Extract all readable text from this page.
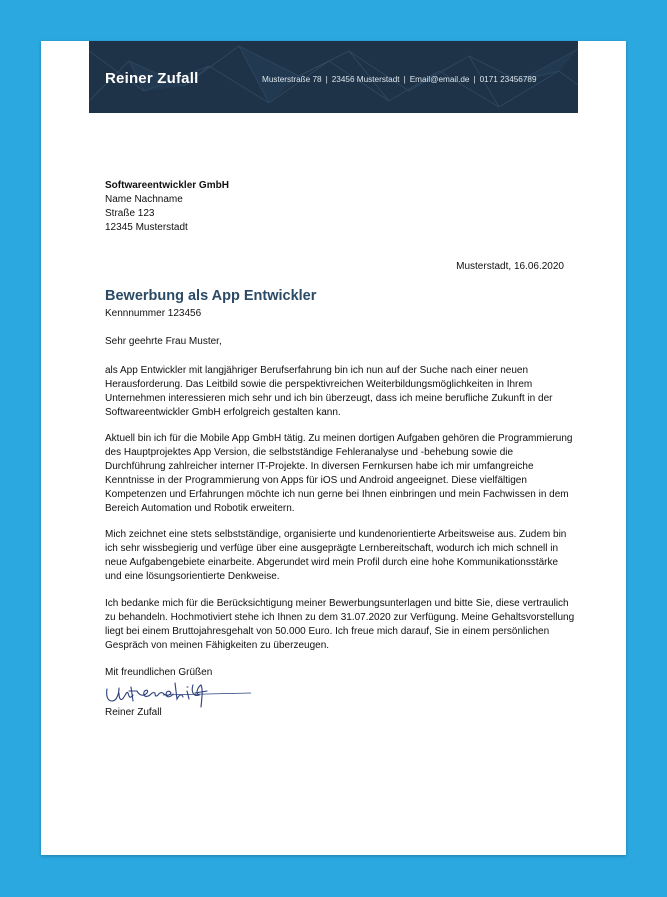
Reiner Zufall	Musterstraße 78 | 23456 Musterstadt | Email@email.de | 0171 23456789
Softwareentwickler GmbH
Name Nachname
Straße 123
12345 Musterstadt
Musterstadt, 16.06.2020
Bewerbung als App Entwickler
Kennnummer 123456
Sehr geehrte Frau Muster,

als App Entwickler mit langjähriger Berufserfahrung bin ich nun auf der Suche nach einer neuen Herausforderung. Das Leitbild sowie die perspektivreichen Weiterbildungsmöglichkeiten in Ihrem Unternehmen interessieren mich sehr und ich bin überzeugt, dass ich meine berufliche Zukunft in der Softwareentwickler GmbH erfolgreich gestalten kann.

Aktuell bin ich für die Mobile App GmbH tätig. Zu meinen dortigen Aufgaben gehören die Programmierung des Hauptprojektes App Version, die selbstständige Fehleranalyse und -behebung sowie die Durchführung zahlreicher interner IT-Projekte. In diversen Fernkursen habe ich mir umfangreiche Kenntnisse in der Programmierung von Apps für iOS und Android angeeignet. Diese vielfältigen Kompetenzen und Erfahrungen möchte ich nun gerne bei Ihnen einbringen und mein Fachwissen in dem Bereich Automation und Robotik erweitern.

Mich zeichnet eine stets selbstständige, organisierte und kundenorientierte Arbeitsweise aus. Zudem bin ich sehr wissbegierig und verfüge über eine ausgeprägte Lernbereitschaft, wodurch ich mich schnell in neue Aufgabengebiete einarbeite. Abgerundet wird mein Profil durch eine hohe Kommunikationsstärke und eine lösungsorientierte Denkweise.

Ich bedanke mich für die Berücksichtigung meiner Bewerbungsunterlagen und bitte Sie, diese vertraulich zu behandeln. Hochmotiviert stehe ich Ihnen zu dem 31.07.2020 zur Verfügung. Meine Gehaltsvorstellung liegt bei einem Bruttojahresgehalt von 50.000 Euro. Ich freue mich darauf, Sie in einem persönlichen Gespräch von meinen Fähigkeiten zu überzeugen.

Mit freundlichen Grüßen
Reiner Zufall
